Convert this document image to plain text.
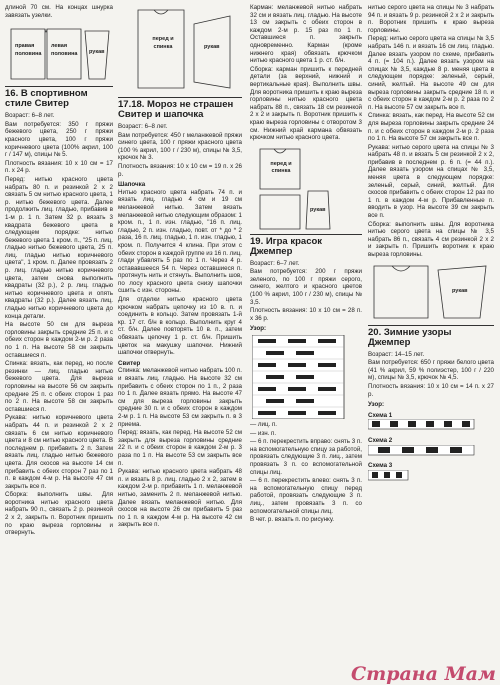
длиной 70 см. На концах шнурка завязать узелки.

правая половина
левая половина	рукав
16. В спортивном стиле Свитер

Возраст: 6–8 лет.

Вам потребуется: 350 г пряжи бежевого цвета, 250 г пряжи красного цвета, 100 г пряжи коричневого цвета (100% акрил, 100 г / 147 м), спицы № 5.

Плотность вязания: 10 х 10 см = 17 п. х 24 р.

Перед: нитью красного цвета набрать 80 п. и резинкой 2 х 2 связать 5 см нитью красного цвета, 1 р. нитью бежевого цвета. Далее продолжить лиц. гладью, прибавив в 1-м р. 1 п. Затем 32 р. вязать 3 квадрата бежевого цвета в следующем порядке: нитью бежевого цвета 1 кром. п., "25 п. лиц. гладью нитью бежевого цвета, 25 п. лиц. гладью нитью коричневого цвета", 1 кром. п. Далее провязать 2 р. лиц. гладью нитью коричневого цвета, затем снова выполнить квадраты (32 р.), 2 р. лиц. гладью нитью коричневого цвета и опять квадраты (32 р.). Далее вязать лиц. гладью нитью коричневого цвета до конца детали.

На высоте 50 см для выреза горловины закрыть средние 25 п. и с обеих сторон в каждом 2-м р. 2 раза по 1 п. На высоте 58 см закрыть оставшиеся п.

Спинка: вязать, как перед, но после резинки — лиц. гладью нитью бежевого цвета. Для выреза горловины на высоте 56 см закрыть средние 25 п. с обеих сторон 1 раз по 2 п. На высоте 58 см закрыть оставшиеся п.

Рукава: нитью коричневого цвета набрать 44 п. и резинкой 2 х 2 связать 6 см нитью коричневого цвета и 8 см нитью красного цвета. В последнем р. прибавить 2 п. Затем вязать лиц. гладью нитью бежевого цвета. Для скосов на высоте 14 см прибавить с обеих сторон 7 раз по 1 п. в каждом 4-м р. На высоте 47 см закрыть все п.

Сборка: выполнить швы. Для воротника нитью красного цвета набрать 90 п., связать 2 р. резинкой 2 х 2, закрыть п. Воротник пришить по краю выреза горловины и отвернуть.

перед и спинка	рукав
17.18. Мороз не страшен Свитер и шапочка

Возраст: 6–8 лет.

Вам потребуется: 450 г меланжевой пряжи синего цвета, 100 г пряжи красного цвета (100 % акрил, 100 г / 230 м), спицы № 3,5, крючок № 3.

Плотность вязания: 10 х 10 см = 19 п. х 26 р.

Шапочка

Нитью красного цвета набрать 74 п. и вязать лиц. гладью 4 см и 19 см меланжевой нитью. Затем вязать меланжевой нитью следующим образом: 1 кром. п., 1 п. изн. гладью, "16 п. лиц. гладью, 2 п. изн. гладью, повт. от * до * 2 раза, 16 п. лиц. гладью, 1 п. изн. гладью, 1 кром. п. Получится 4 клина. При этом с обеих сторон в каждой группе из 16 п. лиц. глади убавлять 5 раз по 1 п. Через 4 р. остававшееся 54 п. Через оставшиеся п. протянуть нить и стянуть. Выполнить шов, по лосу красного цвета снизу шапочки сшить с изн. стороны.

Для отделки нитью красного цвета крючком набрать цепочку из 10 в. п. и соединить в кольцо. Затем провязать 1-й кр. 17 ст. б/н в кольцо. Выполнить круг 4 ст. б/н. Далее повторять 10 в. п., затем обвязать цепочку 1 р. ст. б/н. Пришить цветок на макушку шапочки. Нижний шапочки отвернуть.

Свитер

Спинка: меланжевой нитью набрать 100 п. и вязать лиц. гладью. На высоте 32 см прибавить с обеих сторон по 1 п., 2 раза по 1 п. Далее вязать прямо. На высоте 47 см для выреза горловины закрыть средние 30 п. и с обеих сторон в каждом 2-м р. 1 п. На высоте 53 см закрыть п. в 3 приема.

Перед: вязать, как перед. На высоте 52 см закрыть для выреза горловины средние 22 п. и с обеих сторон в каждом 2-м р. 3 раза по 1 п. На высоте 53 см закрыть все п.

Рукава: нитью красного цвета набрать 48 п. и вязать 8 р. лиц. гладью 2 х 2, затем в каждом 2-м р. прибавить 1 п. меланжевой нитью, заменить 2 п. меланжевой нитью. Далее вязать меланжевой нитью. Для скосов на высоте 26 см прибавить 5 раз по 1 п. в каждом 4-м р. На высоте 42 см закрыть все п.

Карман: меланжевой нитью набрать 32 см и вязать лиц. гладью. На высоте 13 см закрыть с обеих сторон в каждом 2-м р. 15 раз по 1 п. Оставшиеся п. закрыть одновременно. Карман (кроме нижнего края) обвязать крючком нитью красного цвета 1 р. ст. б/н.

Сборка: карман пришить к передней детали (за верхний, нижний и вертикальные края). Выполнить швы. Для воротника пришить к краю выреза горловины нитью красного цвета набрать 88 п., связать 18 см резинкой 2 х 2 и закрыть п. Воротник пришить к краю выреза горловины с отворотом 3 см. Нижний край кармана обвязать крючком нитью красного цвета.

перед и спинка
рукав
19. Игра красок Джемпер

Возраст: 6–7 лет.

Вам потребуется: 200 г пряжи зеленого, по 100 г пряжи серого, синего, желтого и красного цветов (100 % акрил, 100 г / 230 м), спицы № 3,5.

Плотность вязания: 10 х 10 см = 28 п. х 36 р.

Узор:

— лиц. п.

— изн. п.

— 6 п. перекрестить вправо: снять 3 п. на вспомогательную спицу за работой, провязать следующие 3 п. лиц., затем провязать 3 п. со вспомогательной спицы лиц.

— 6 п. перекрестить влево: снять 3 п. на вспомогательную спицу перед работой, провязать следующие 3 п. лиц., затем провязать 3 п. со вспомогательной спицы лиц.

В чет. р. вязать п. по рисунку.

нитью серого цвета на спицы № 3 набрать 94 п. и вязать 9 р. резинкой 2 х 2 и закрыть п. Воротник пришить к краю выреза горловины.

Перед: нитью серого цвета на спицы № 3,5 набрать 146 п. и вязать 16 см лиц. гладью. Далее вязать узором по схеме, прибавить 4 п. (= 104 п.). Далее вязать узором на спицах № 3,5, каждые 8 р. меняя цвета в следующем порядке: зеленый, серый, синий, желтый. На высоте 49 см для выреза горловины закрыть средние 18 п. и с обеих сторон в каждом 2-м р. 2 раза по 2 п. На высоте 57 см закрыть все п.

Спинка: вязать, как перед. На высоте 52 см для выреза горловины закрыть средние 24 п. и с обеих сторон в каждом 2-м р. 2 раза по 1 п. На высоте 57 см закрыть все п.

Рукава: нитью серого цвета на спицы № 3 набрать 48 п. и вязать 5 см резинкой 2 х 2, прибавив в последнем р. 6 п. (= 44 п.). Далее вязать узором на спицах № 3,5, меняя цвета в следующем порядке: зеленый, серый, синий, желтый. Для скосов прибавить с обеих сторон 12 раз по 1 п. в каждом 4-м р. Прибавленные п. вводить в узор. На высоте 39 см закрыть все п.

Сборка: выполнить швы. Для воротника нитью серого цвета на спицы № 3,5 набрать 86 п., связать 4 см резинкой 2 х 2 и закрыть п. Пришить воротник к краю выреза горловины.

рукав
20. Зимние узоры Джемпер

Возраст: 14–15 лет.

Вам потребуется: 650 г пряжи белого цвета (41 % акрил, 59 % полиэстер, 100 г / 220 м), спицы № 3,5, крючок № 4,5.

Плотность вязания: 10 х 10 см = 14 п. х 27 р.

Узор:
Схема 1
Схема 2
Схема 3
Страна Мам
